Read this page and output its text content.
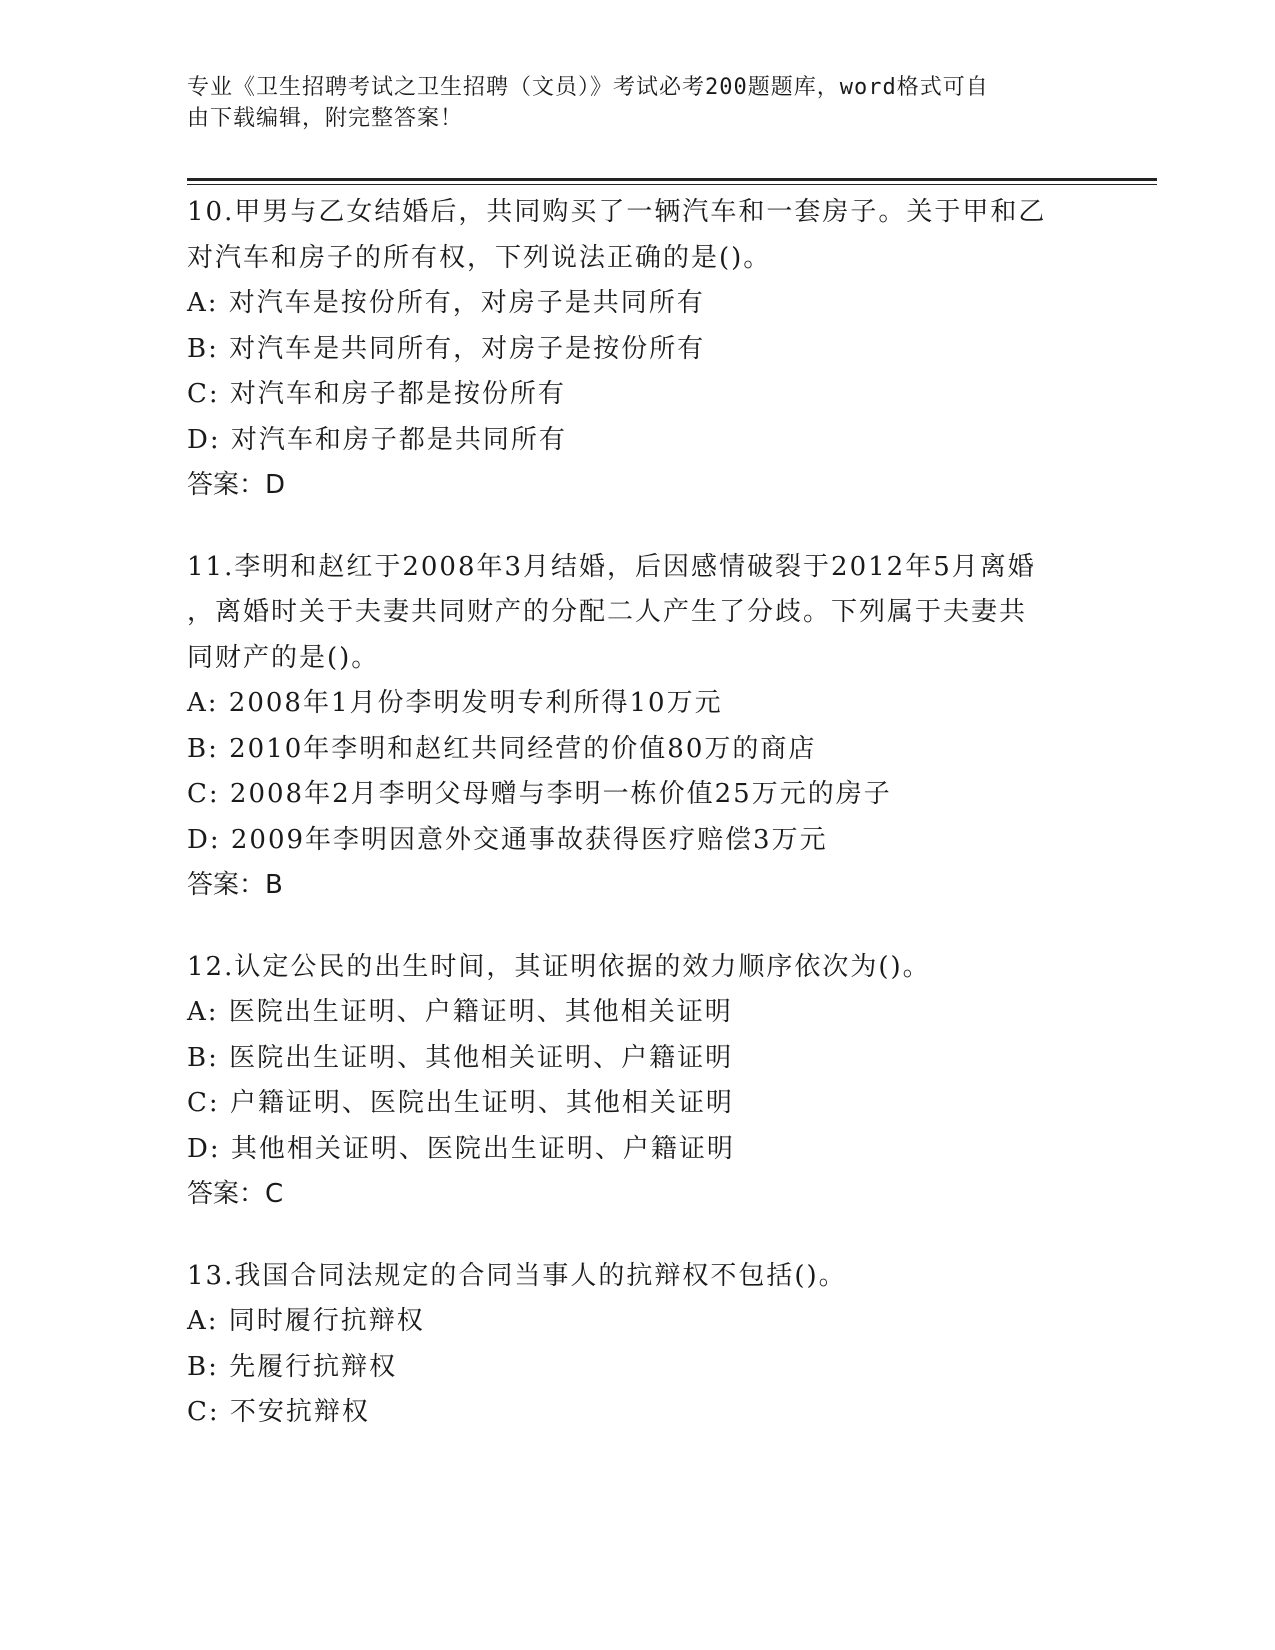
专业《卫生招聘考试之卫生招聘（文员）》考试必考200题题库，word格式可自
由下载编辑，附完整答案！
10.甲男与乙女结婚后，共同购买了一辆汽车和一套房子。关于甲和乙
对汽车和房子的所有权，下列说法正确的是()。
A: 对汽车是按份所有，对房子是共同所有
B: 对汽车是共同所有，对房子是按份所有
C: 对汽车和房子都是按份所有
D: 对汽车和房子都是共同所有
答案：D
11.李明和赵红于2008年3月结婚，后因感情破裂于2012年5月离婚
，离婚时关于夫妻共同财产的分配二人产生了分歧。下列属于夫妻共
同财产的是()。
A: 2008年1月份李明发明专利所得10万元
B: 2010年李明和赵红共同经营的价值80万的商店
C: 2008年2月李明父母赠与李明一栋价值25万元的房子
D: 2009年李明因意外交通事故获得医疗赔偿3万元
答案：B
12.认定公民的出生时间，其证明依据的效力顺序依次为()。
A: 医院出生证明、户籍证明、其他相关证明
B: 医院出生证明、其他相关证明、户籍证明
C: 户籍证明、医院出生证明、其他相关证明
D: 其他相关证明、医院出生证明、户籍证明
答案：C
13.我国合同法规定的合同当事人的抗辩权不包括()。
A: 同时履行抗辩权
B: 先履行抗辩权
C: 不安抗辩权
